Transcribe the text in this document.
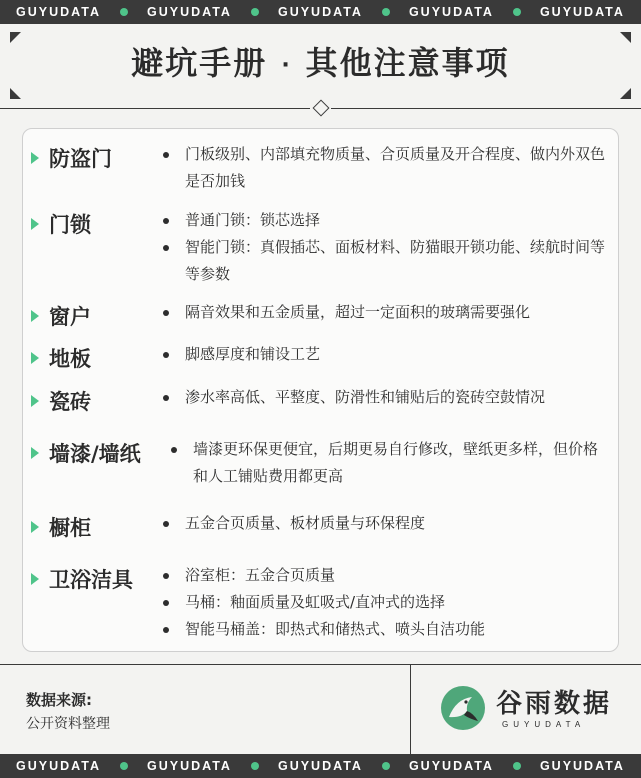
GUYUDATA	GUYUDATA	GUYUDATA	GUYUDATA	GUYUDATA
避坑手册 · 其他注意事项
防盗门	门板级别、内部填充物质量、合页质量及开合程度、做内外双色是否加钱
门锁	普通门锁：锁芯选择
智能门锁：真假插芯、面板材料、防猫眼开锁功能、续航时间等等参数
窗户	隔音效果和五金质量，超过一定面积的玻璃需要强化
地板	脚感厚度和铺设工艺
瓷砖	渗水率高低、平整度、防滑性和铺贴后的瓷砖空鼓情况
墙漆/墙纸	墙漆更环保更便宜，后期更易自行修改，壁纸更多样，但价格和人工铺贴费用都更高
橱柜	五金合页质量、板材质量与环保程度
卫浴洁具	浴室柜：五金合页质量
马桶：釉面质量及虹吸式/直冲式的选择
智能马桶盖：即热式和储热式、喷头自洁功能
数据来源:
公开资料整理
谷雨数据
GUYUDATA
GUYUDATA	GUYUDATA	GUYUDATA	GUYUDATA	GUYUDATA
